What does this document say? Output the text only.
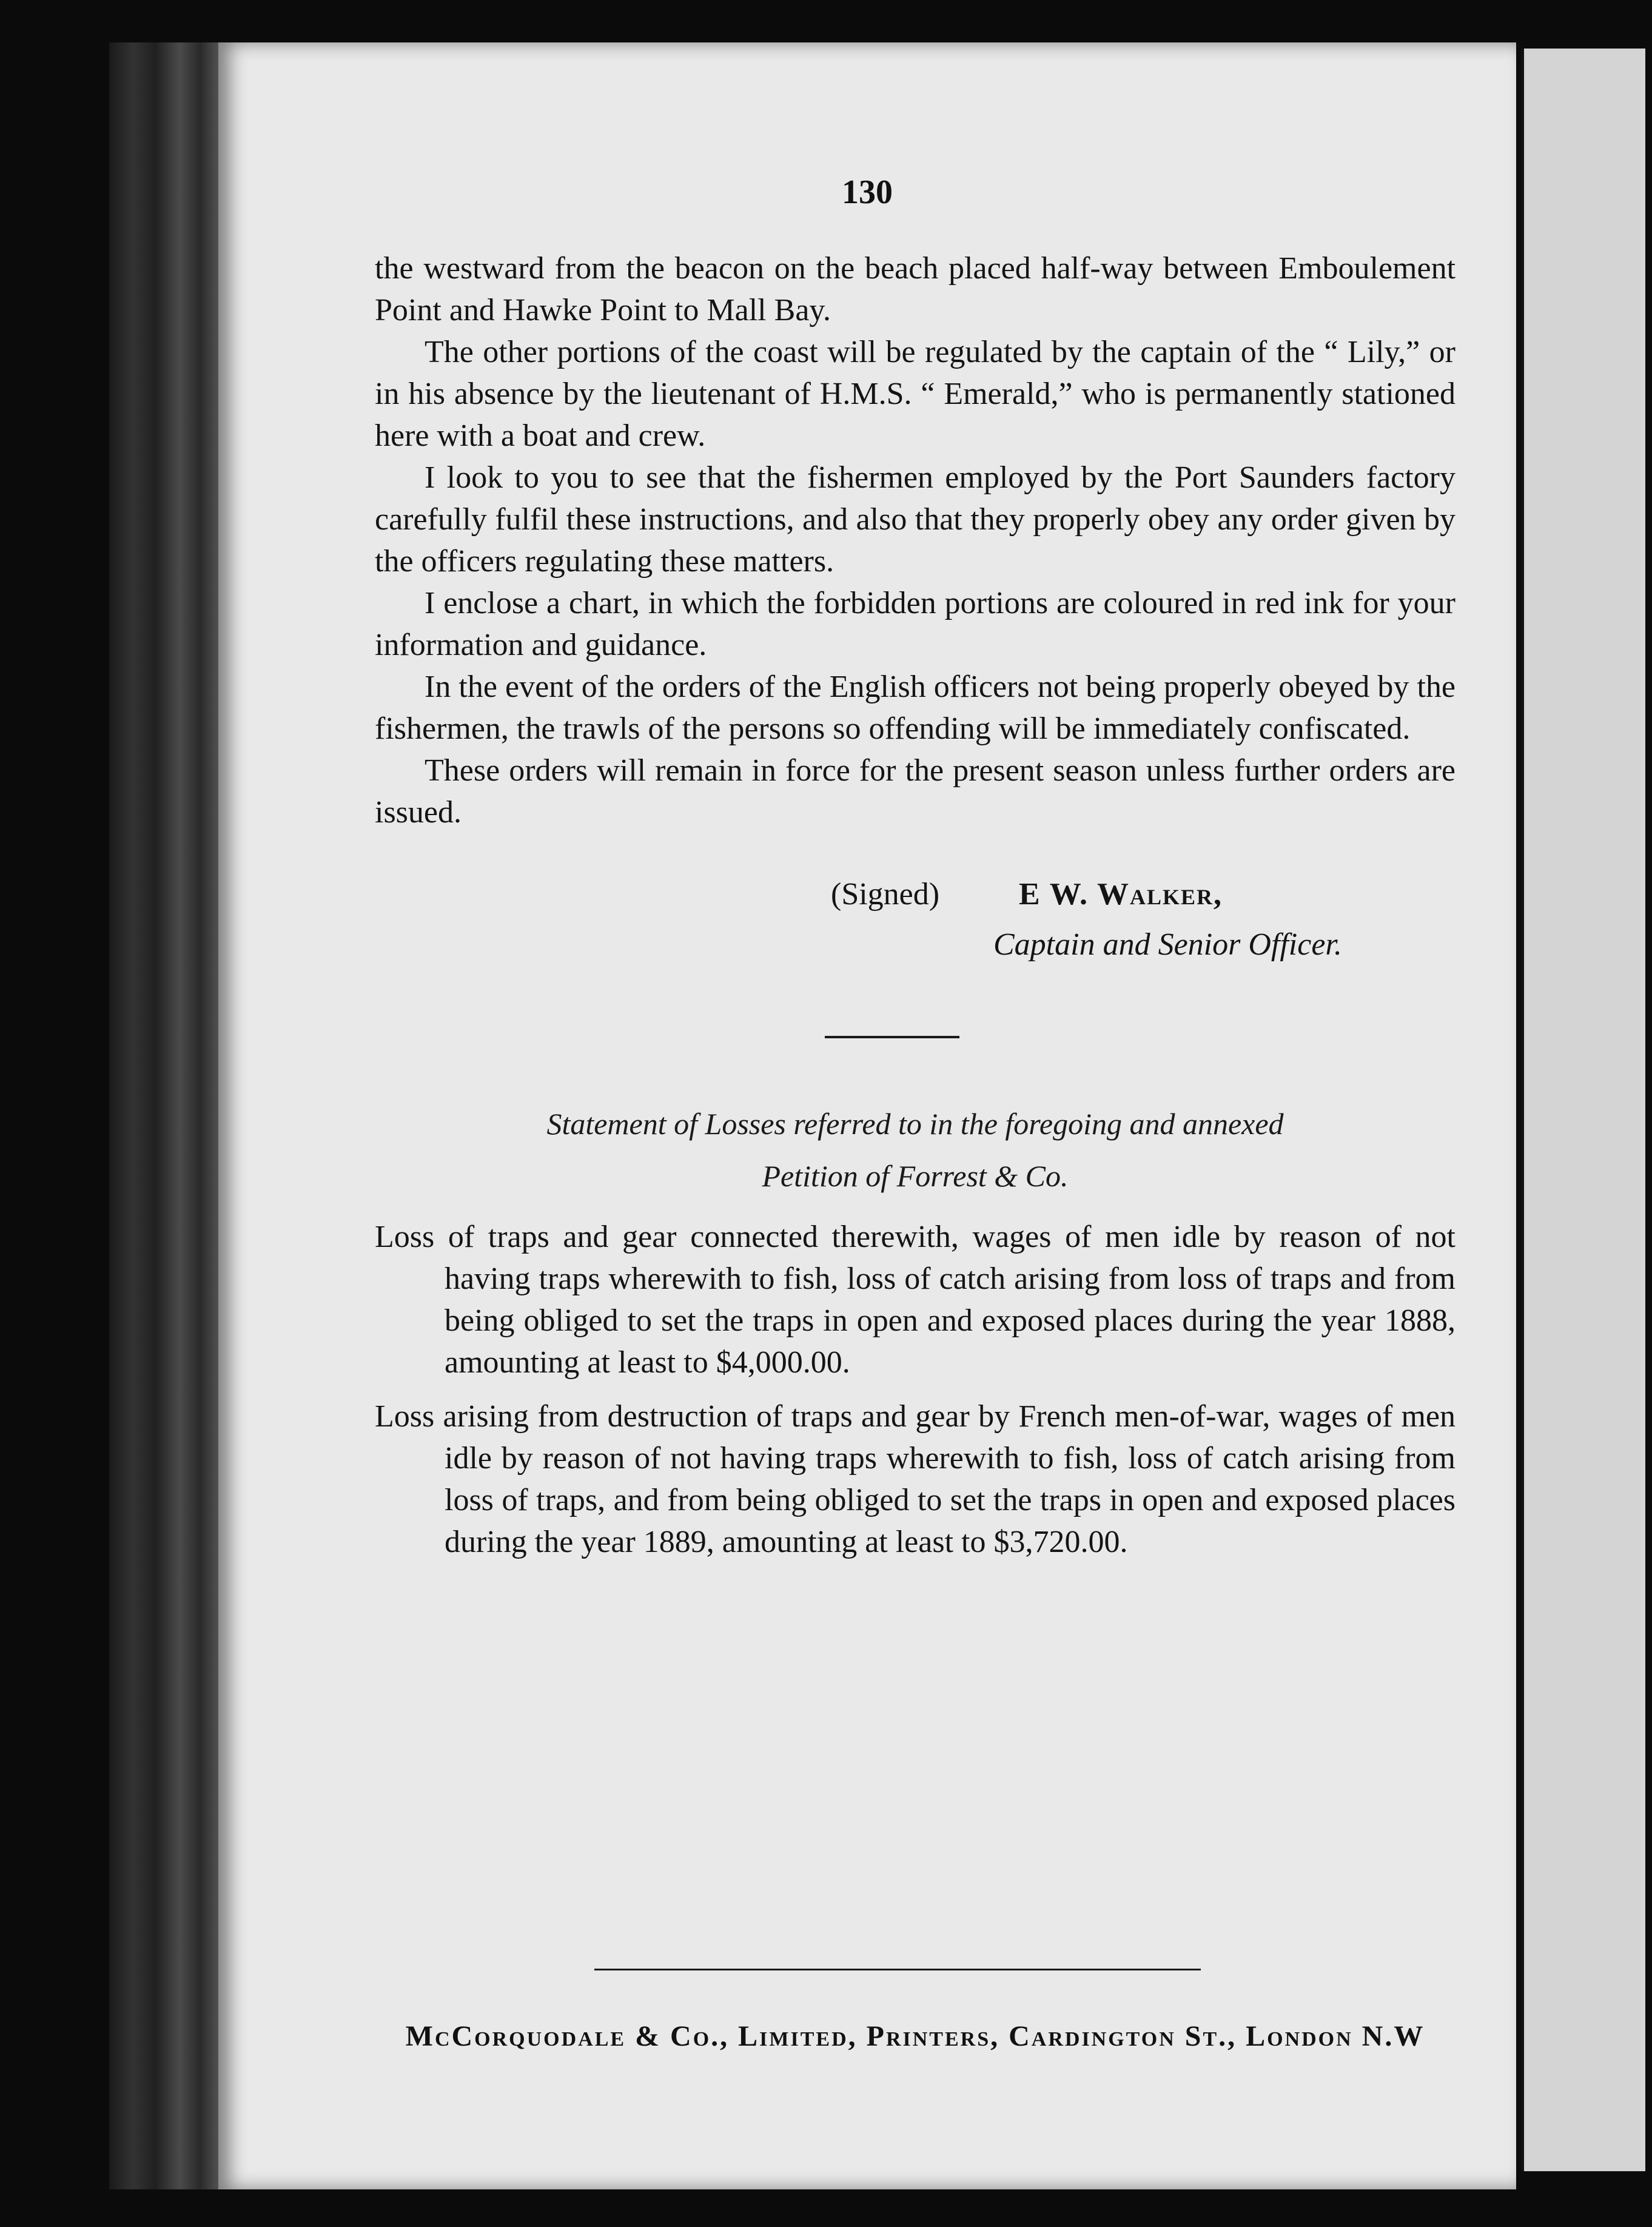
130

the westward from the beacon on the beach placed half-way between Emboulement Point and Hawke Point to Mall Bay.

The other portions of the coast will be regulated by the captain of the “ Lily,” or in his absence by the lieutenant of H.M.S. “ Emerald,” who is permanently stationed here with a boat and crew.

I look to you to see that the fishermen employed by the Port Saunders factory carefully fulfil these instructions, and also that they properly obey any order given by the officers regulating these matters.

I enclose a chart, in which the forbidden portions are coloured in red ink for your information and guidance.

In the event of the orders of the English officers not being properly obeyed by the fishermen, the trawls of the persons so offending will be immediately confiscated.

These orders will remain in force for the present season unless further orders are issued.

(Signed)	E W. Walker,
Captain and Senior Officer.
Statement of Losses referred to in the foregoing and annexed
Petition of Forrest & Co.

Loss of traps and gear connected therewith, wages of men idle by reason of not having traps wherewith to fish, loss of catch arising from loss of traps and from being obliged to set the traps in open and exposed places during the year 1888, amounting at least to $4,000.00.

Loss arising from destruction of traps and gear by French men-of-war, wages of men idle by reason of not having traps wherewith to fish, loss of catch arising from loss of traps, and from being obliged to set the traps in open and exposed places during the year 1889, amounting at least to $3,720.00.

McCorquodale & Co., Limited, Printers, Cardington St., London N.W
